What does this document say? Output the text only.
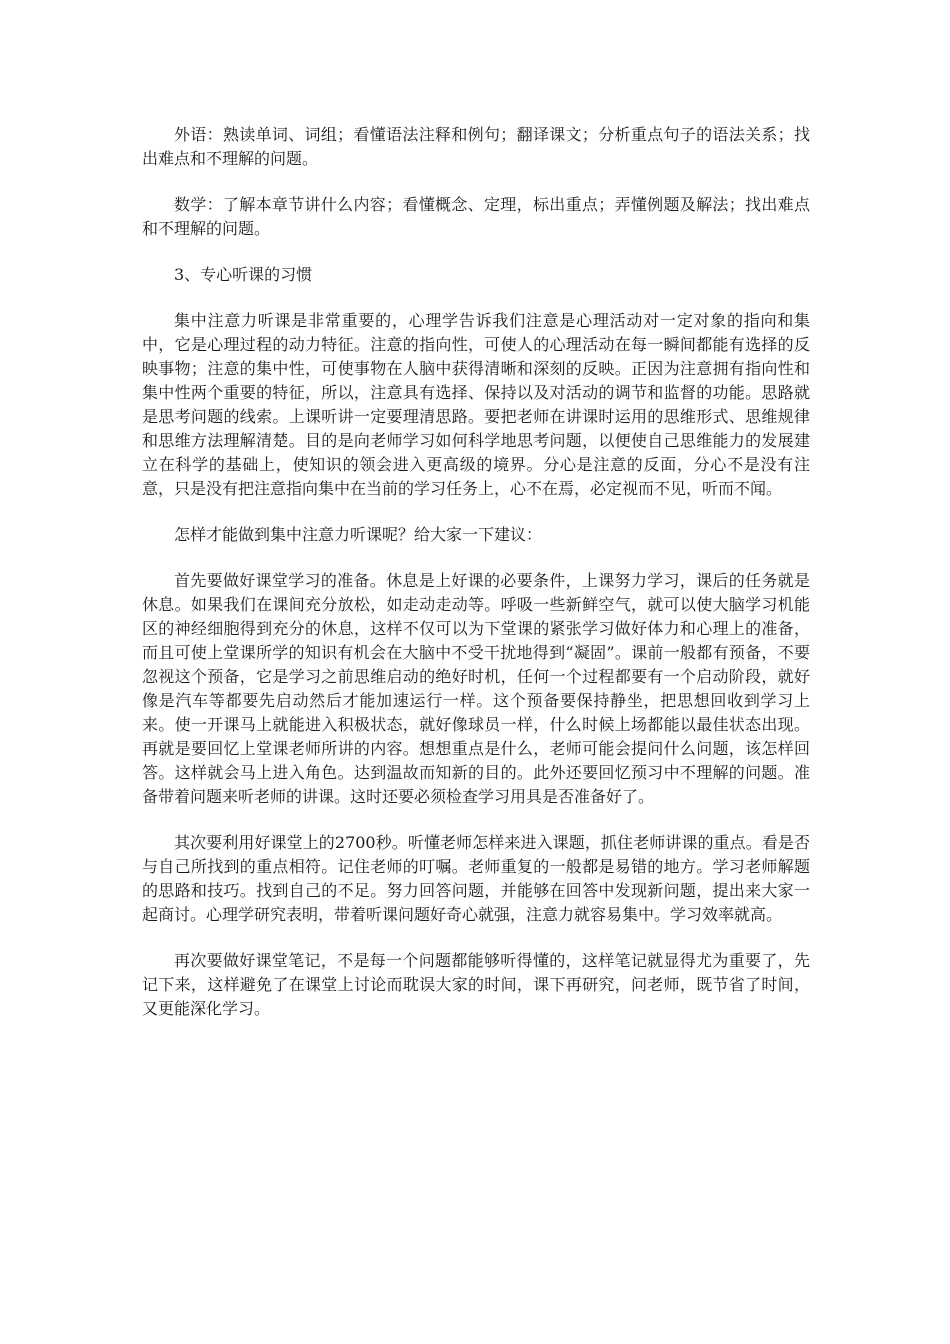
外语：熟读单词、词组；看懂语法注释和例句；翻译课文；分析重点句子的语法关系；找出难点和不理解的问题。

数学：了解本章节讲什么内容；看懂概念、定理，标出重点；弄懂例题及解法；找出难点和不理解的问题。

3、专心听课的习惯

集中注意力听课是非常重要的，心理学告诉我们注意是心理活动对一定对象的指向和集中，它是心理过程的动力特征。注意的指向性，可使人的心理活动在每一瞬间都能有选择的反映事物；注意的集中性，可使事物在人脑中获得清晰和深刻的反映。正因为注意拥有指向性和集中性两个重要的特征，所以，注意具有选择、保持以及对活动的调节和监督的功能。思路就是思考问题的线索。上课听讲一定要理清思路。要把老师在讲课时运用的思维形式、思维规律和思维方法理解清楚。目的是向老师学习如何科学地思考问题，以便使自己思维能力的发展建立在科学的基础上，使知识的领会进入更高级的境界。分心是注意的反面，分心不是没有注意，只是没有把注意指向集中在当前的学习任务上，心不在焉，必定视而不见，听而不闻。

怎样才能做到集中注意力听课呢？给大家一下建议：

首先要做好课堂学习的准备。休息是上好课的必要条件，上课努力学习，课后的任务就是休息。如果我们在课间充分放松，如走动走动等。呼吸一些新鲜空气，就可以使大脑学习机能区的神经细胞得到充分的休息，这样不仅可以为下堂课的紧张学习做好体力和心理上的准备，而且可使上堂课所学的知识有机会在大脑中不受干扰地得到“凝固”。课前一般都有预备，不要忽视这个预备，它是学习之前思维启动的绝好时机，任何一个过程都要有一个启动阶段，就好像是汽车等都要先启动然后才能加速运行一样。这个预备要保持静坐，把思想回收到学习上来。使一开课马上就能进入积极状态，就好像球员一样，什么时候上场都能以最佳状态出现。再就是要回忆上堂课老师所讲的内容。想想重点是什么，老师可能会提问什么问题，该怎样回答。这样就会马上进入角色。达到温故而知新的目的。此外还要回忆预习中不理解的问题。准备带着问题来听老师的讲课。这时还要必须检查学习用具是否准备好了。

其次要利用好课堂上的2700秒。听懂老师怎样来进入课题，抓住老师讲课的重点。看是否与自己所找到的重点相符。记住老师的叮嘱。老师重复的一般都是易错的地方。学习老师解题的思路和技巧。找到自己的不足。努力回答问题，并能够在回答中发现新问题，提出来大家一起商讨。心理学研究表明，带着听课问题好奇心就强，注意力就容易集中。学习效率就高。

再次要做好课堂笔记，不是每一个问题都能够听得懂的，这样笔记就显得尤为重要了，先记下来，这样避免了在课堂上讨论而耽误大家的时间，课下再研究，问老师，既节省了时间，又更能深化学习。
